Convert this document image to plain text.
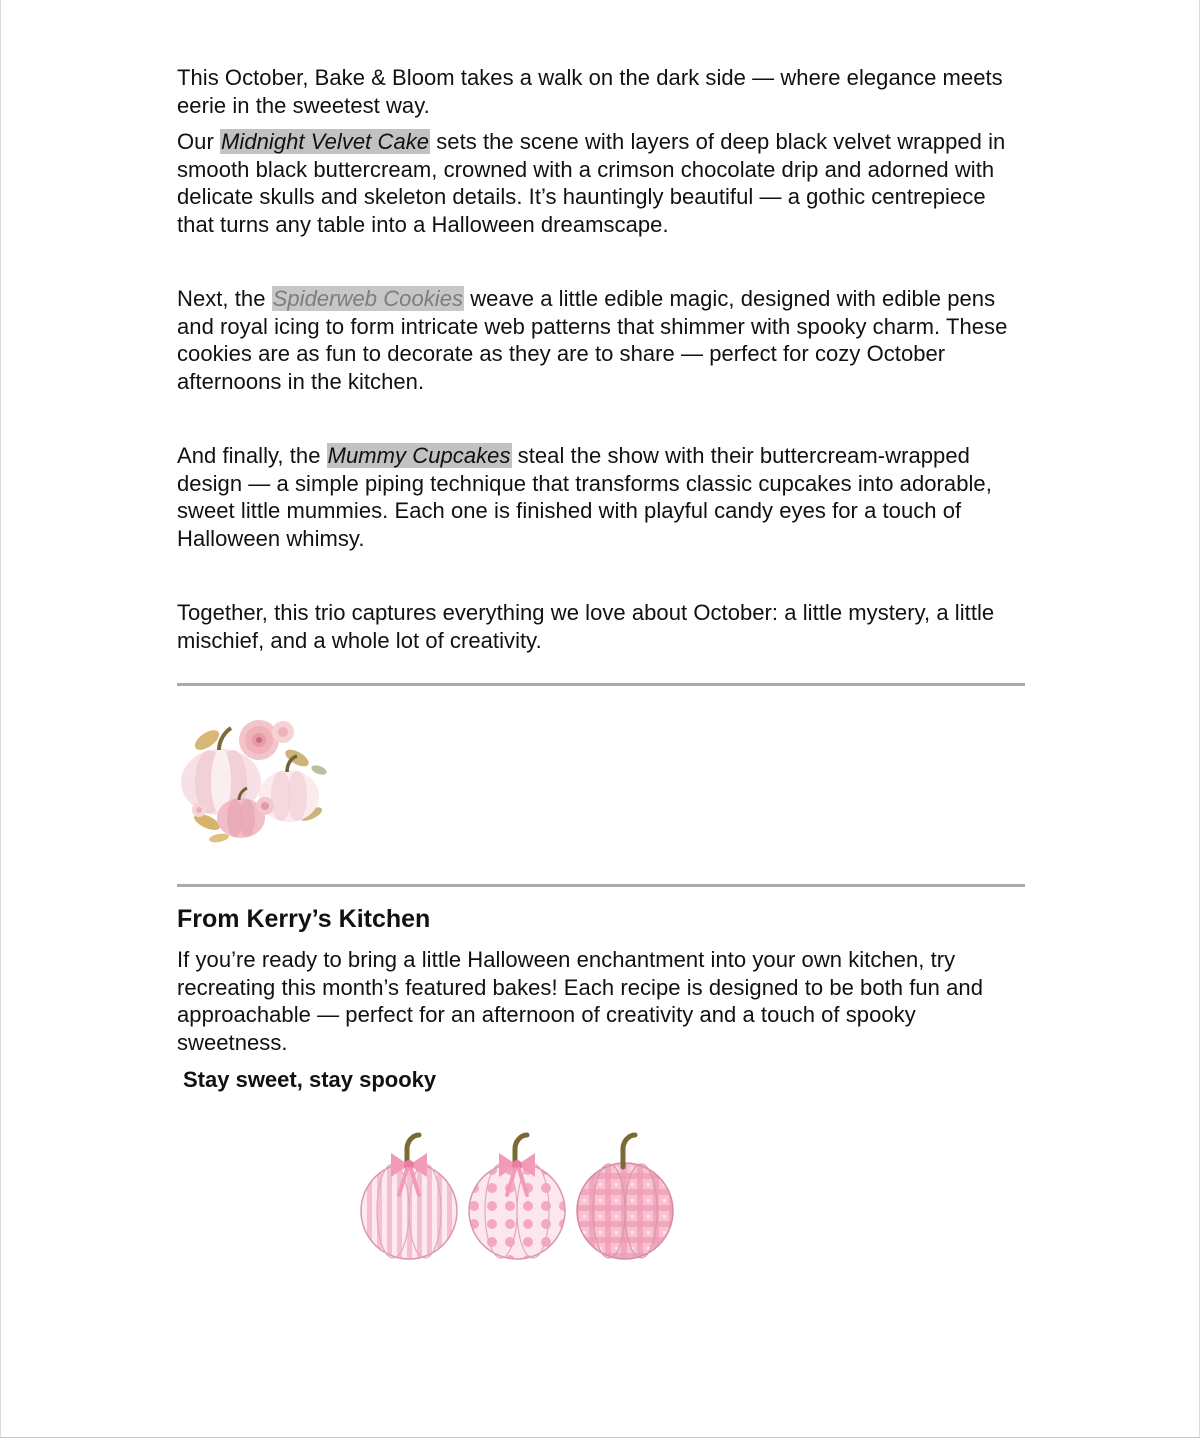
This October, Bake & Bloom takes a walk on the dark side — where elegance meets eerie in the sweetest way.

Our Midnight Velvet Cake sets the scene with layers of deep black velvet wrapped in smooth black buttercream, crowned with a crimson chocolate drip and adorned with delicate skulls and skeleton details. It’s hauntingly beautiful — a gothic centrepiece that turns any table into a Halloween dreamscape.

Next, the Spiderweb Cookies weave a little edible magic, designed with edible pens and royal icing to form intricate web patterns that shimmer with spooky charm. These cookies are as fun to decorate as they are to share — perfect for cozy October afternoons in the kitchen.

And finally, the Mummy Cupcakes steal the show with their buttercream-wrapped design — a simple piping technique that transforms classic cupcakes into adorable, sweet little mummies. Each one is finished with playful candy eyes for a touch of Halloween whimsy.

Together, this trio captures everything we love about October: a little mystery, a little mischief, and a whole lot of creativity.

From Kerry’s Kitchen

If you’re ready to bring a little Halloween enchantment into your own kitchen, try recreating this month’s featured bakes! Each recipe is designed to be both fun and approachable — perfect for an afternoon of creativity and a touch of spooky sweetness.

Stay sweet, stay spooky
